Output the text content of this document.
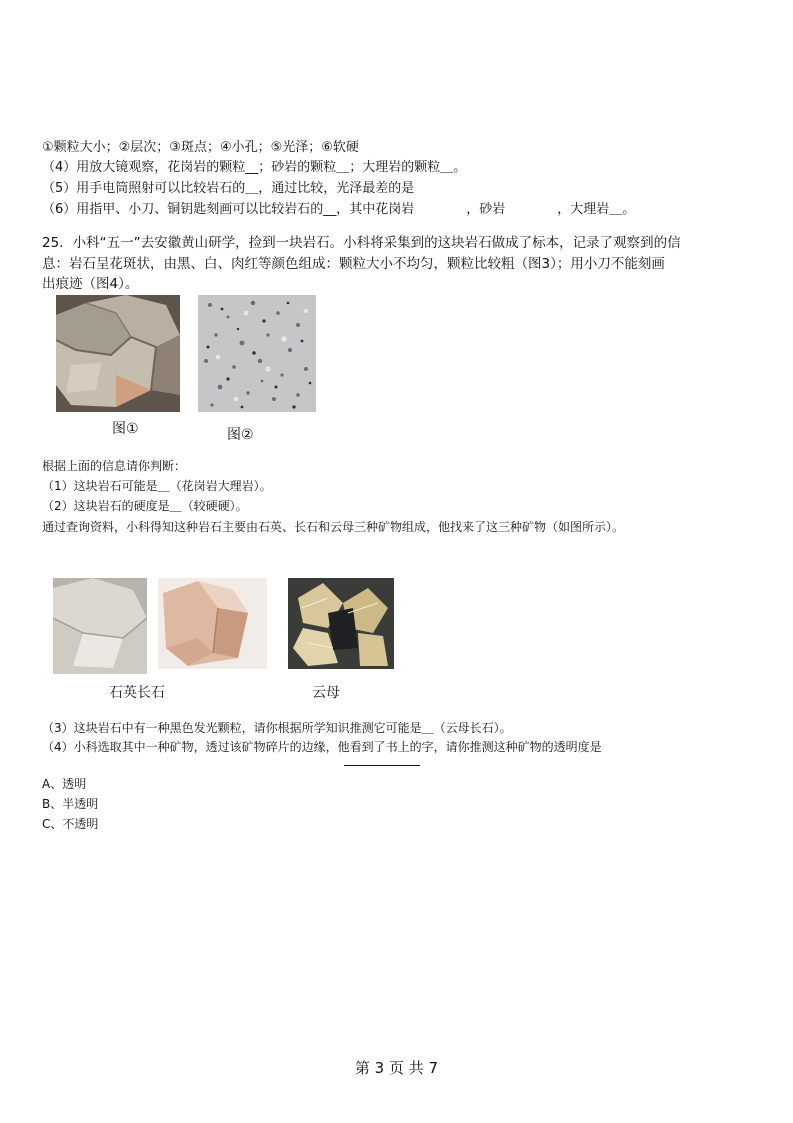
①颗粒大小；②层次；③斑点；④小孔；⑤光泽；⑥软硬
（4）用放大镜观察，花岗岩的颗粒__；砂岩的颗粒＿；大理岩的颗粒＿。
（5）用手电筒照射可以比较岩石的＿，通过比较，光泽最差的是
（6）用指甲、小刀、铜钥匙刻画可以比较岩石的__，其中花岗岩　　　　，砂岩　　　　，大理岩＿。
25．小科“五一”去安徽黄山研学，捡到一块岩石。小科将采集到的这块岩石做成了标本，记录了观察到的信
息：岩石呈花斑状，由黑、白、肉红等颜色组成：颗粒大小不均匀，颗粒比较粗（图3）；用小刀不能刻画
出痕迹（图4）。
图①	图②
根据上面的信息请你判断：
（1）这块岩石可能是＿（花岗岩大理岩）。
（2）这块岩石的硬度是＿（较硬硬）。
通过查询资料，小科得知这种岩石主要由石英、长石和云母三种矿物组成，他找来了这三种矿物（如图所示）。
石英长石	云母
（3）这块岩石中有一种黑色发光颗粒，请你根据所学知识推测它可能是＿（云母长石）。
（4）小科选取其中一种矿物，透过该矿物碎片的边缘，他看到了书上的字，请你推测这种矿物的透明度是
A、透明
B、半透明
C、不透明
第 3 页 共 7
